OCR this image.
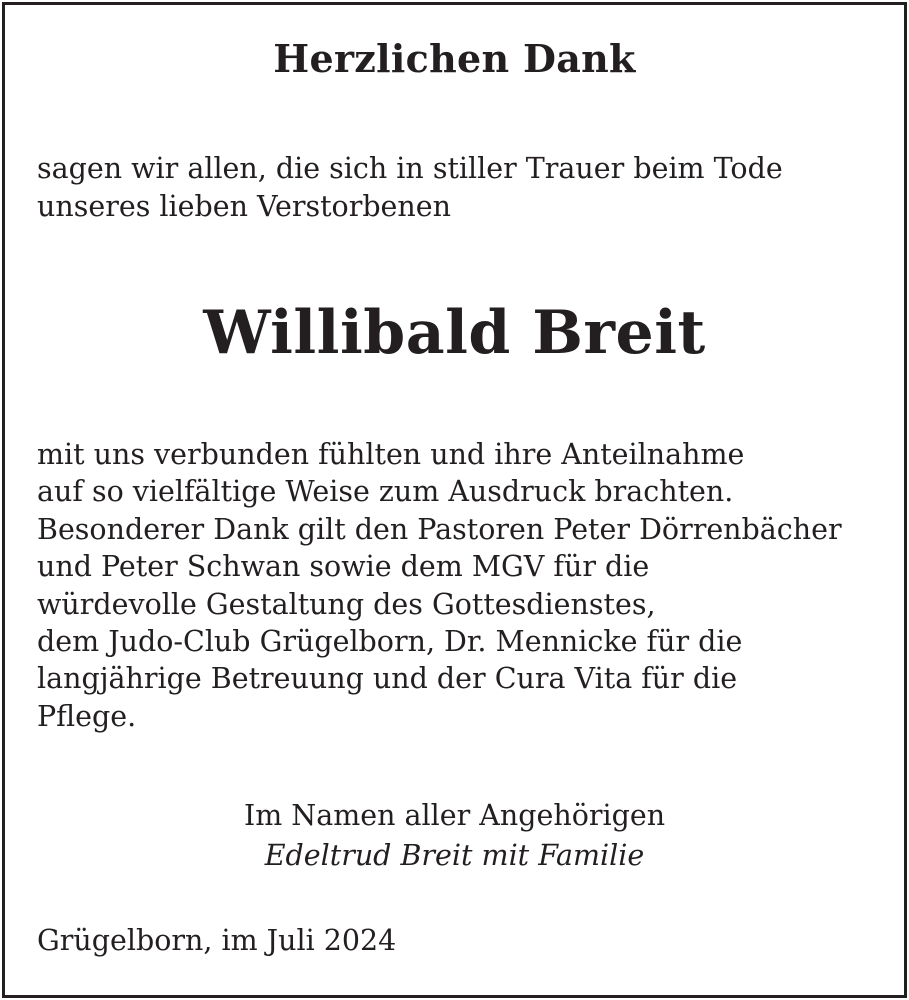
Herzlichen Dank
sagen wir allen, die sich in stiller Trauer beim Tode
unseres lieben Verstorbenen
Willibald Breit
mit uns verbunden fühlten und ihre Anteilnahme
auf so vielfältige Weise zum Ausdruck brachten.
Besonderer Dank gilt den Pastoren Peter Dörrenbächer
und Peter Schwan sowie dem MGV für die
würdevolle Gestaltung des Gottesdienstes,
dem Judo-Club Grügelborn, Dr. Mennicke für die
langjährige Betreuung und der Cura Vita für die
Pflege.
Im Namen aller Angehörigen
Edeltrud Breit mit Familie
Grügelborn, im Juli 2024
